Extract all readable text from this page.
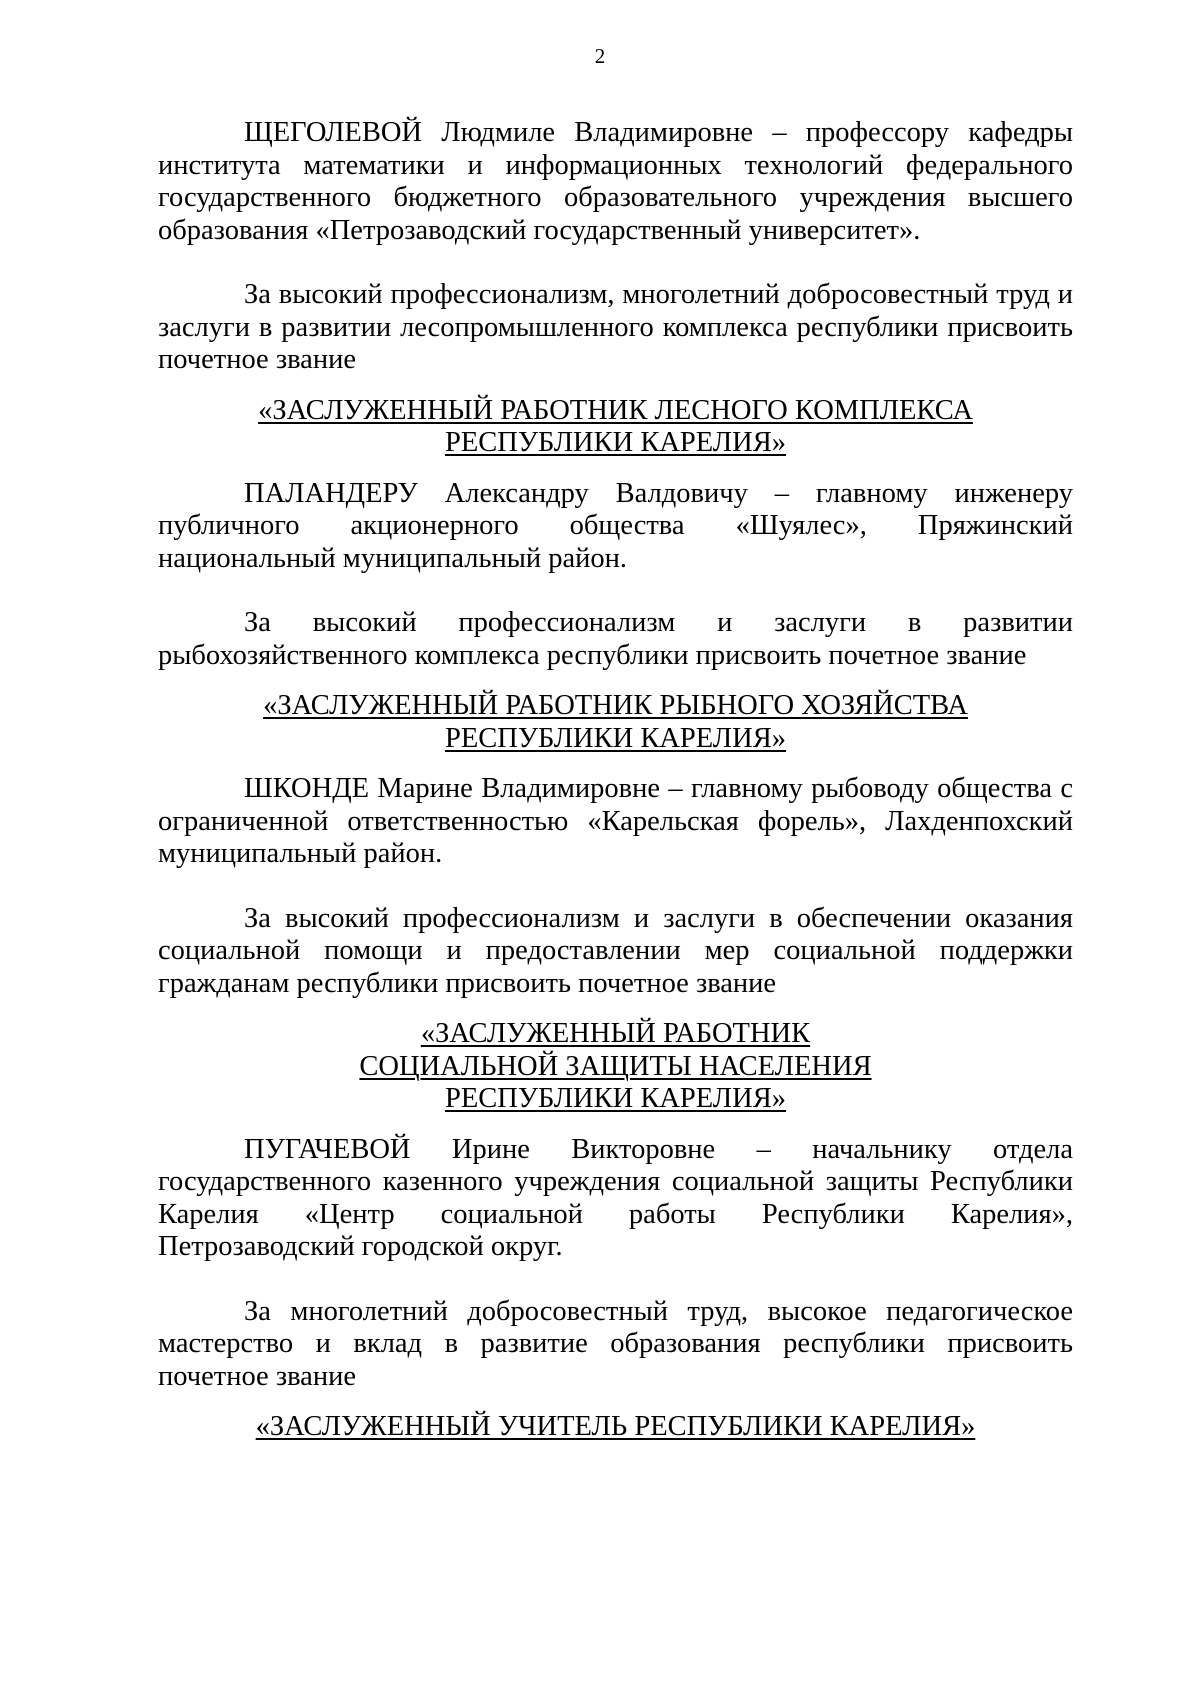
2

ЩЕГОЛЕВОЙ Людмиле Владимировне – профессору кафедры института математики и информационных технологий федерального государственного бюджетного образовательного учреждения высшего образования «Петрозаводский государственный университет».

За высокий профессионализм, многолетний добросовестный труд и заслуги в развитии лесопромышленного комплекса республики присвоить почетное звание

«ЗАСЛУЖЕННЫЙ РАБОТНИК ЛЕСНОГО КОМПЛЕКСА
РЕСПУБЛИКИ КАРЕЛИЯ»

ПАЛАНДЕРУ Александру Валдовичу – главному инженеру публичного акционерного общества «Шуялес», Пряжинский национальный муниципальный район.

За высокий профессионализм и заслуги в развитии рыбохозяйственного комплекса республики присвоить почетное звание

«ЗАСЛУЖЕННЫЙ РАБОТНИК РЫБНОГО ХОЗЯЙСТВА
РЕСПУБЛИКИ КАРЕЛИЯ»

ШКОНДЕ Марине Владимировне – главному рыбоводу общества с ограниченной ответственностью «Карельская форель», Лахденпохский муниципальный район.

За высокий профессионализм и заслуги в обеспечении оказания социальной помощи и предоставлении мер социальной поддержки гражданам республики присвоить почетное звание

«ЗАСЛУЖЕННЫЙ РАБОТНИК
СОЦИАЛЬНОЙ ЗАЩИТЫ НАСЕЛЕНИЯ
РЕСПУБЛИКИ КАРЕЛИЯ»

ПУГАЧЕВОЙ Ирине Викторовне – начальнику отдела государственного казенного учреждения социальной защиты Республики Карелия «Центр социальной работы Республики Карелия», Петрозаводский городской округ.

За многолетний добросовестный труд, высокое педагогическое мастерство и вклад в развитие образования республики присвоить почетное звание

«ЗАСЛУЖЕННЫЙ УЧИТЕЛЬ РЕСПУБЛИКИ КАРЕЛИЯ»
